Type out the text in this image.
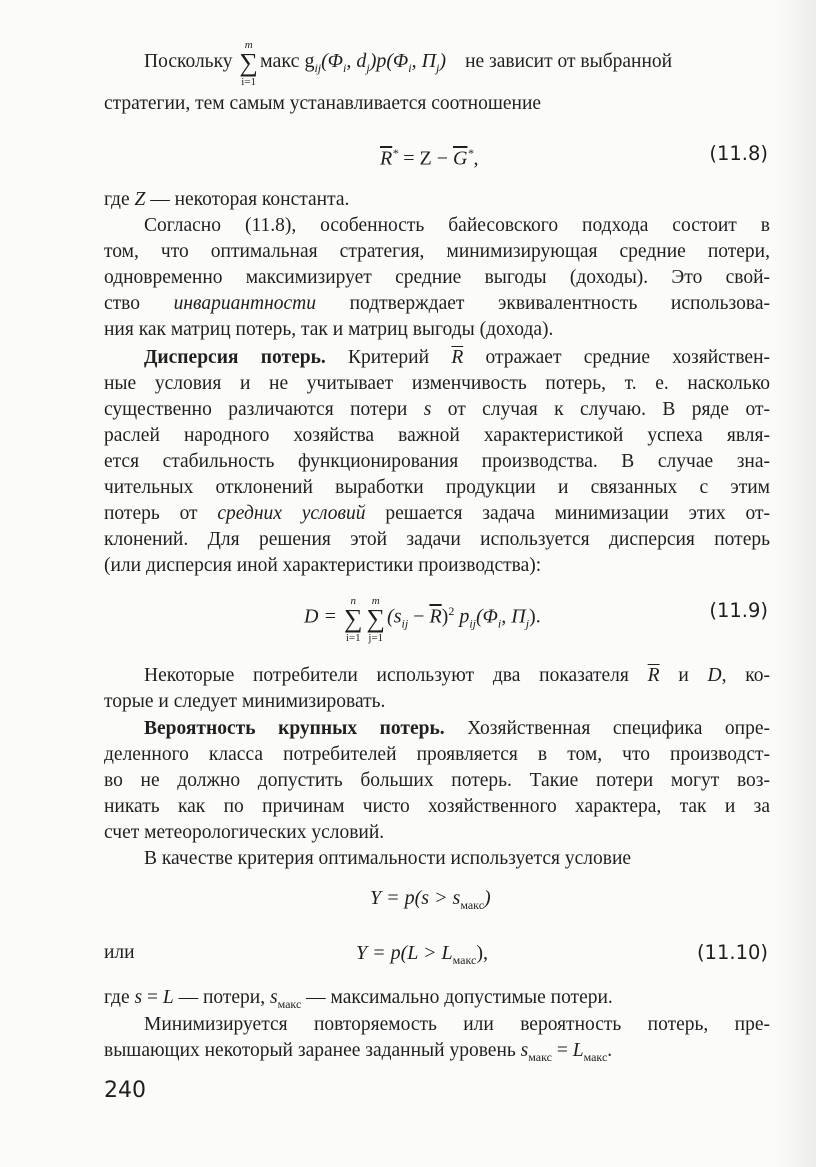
Поскольку ∑
m
i=1
макс $g_{ij}(\Phi_i$, $d_j)p(\Phi_i$, $\Pi_j$) не зависит от выбранной
стратегии, тем самым устанавливается соотношение
$\overline{R}^* = Z - \overline{G}^*$,	(11.8)
где Z — некоторая константа.
Согласно (11.8), особенность байесовского подхода состоит в
том, что оптимальная стратегия, минимизирующая средние потери,
одновременно максимизирует средние выгоды (доходы). Это свой-
ство инвариантности подтверждает эквивалентность использова-
ния как матриц потерь, так и матриц выгоды (дохода).
Дисперсия потерь. Критерий $\overline{R}$ отражает средние хозяйствен-
ные условия и не учитывает изменчивость потерь, т. е. насколько
существенно различаются потери s от случая к случаю. В ряде от-
раслей народного хозяйства важной характеристикой успеха явля-
ется стабильность функционирования производства. В случае зна-
чительных отклонений выработки продукции и связанных с этим
потерь от средних условий решается задача минимизации этих от-
клонений. Для решения этой задачи используется дисперсия потерь
(или дисперсия иной характеристики производства):
D = ∑
n
i=1
∑
m
j=1
$(s_{ij} - \overline{R})^2$ $p_{ij}(\Phi_i$, $\Pi_j$).	(11.9)
Некоторые потребители используют два показателя $\overline{R}$ и D, ко-
торые и следует минимизировать.
Вероятность крупных потерь. Хозяйственная специфика опре-
деленного класса потребителей проявляется в том, что производст-
во не должно допустить больших потерь. Такие потери могут воз-
никать как по причинам чисто хозяйственного характера, так и за
счет метеорологических условий.
В качестве критерия оптимальности используется условие
$Y = p(s > s_{макс})$
или	$Y = p(L > L_{макс})$,	(11.10)
где s = L — потери, $s_{макс}$ — максимально допустимые потери.
Минимизируется повторяемость или вероятность потерь, пре-
вышающих некоторый заранее заданный уровень $s_{макс} = L_{макс}$.
240
